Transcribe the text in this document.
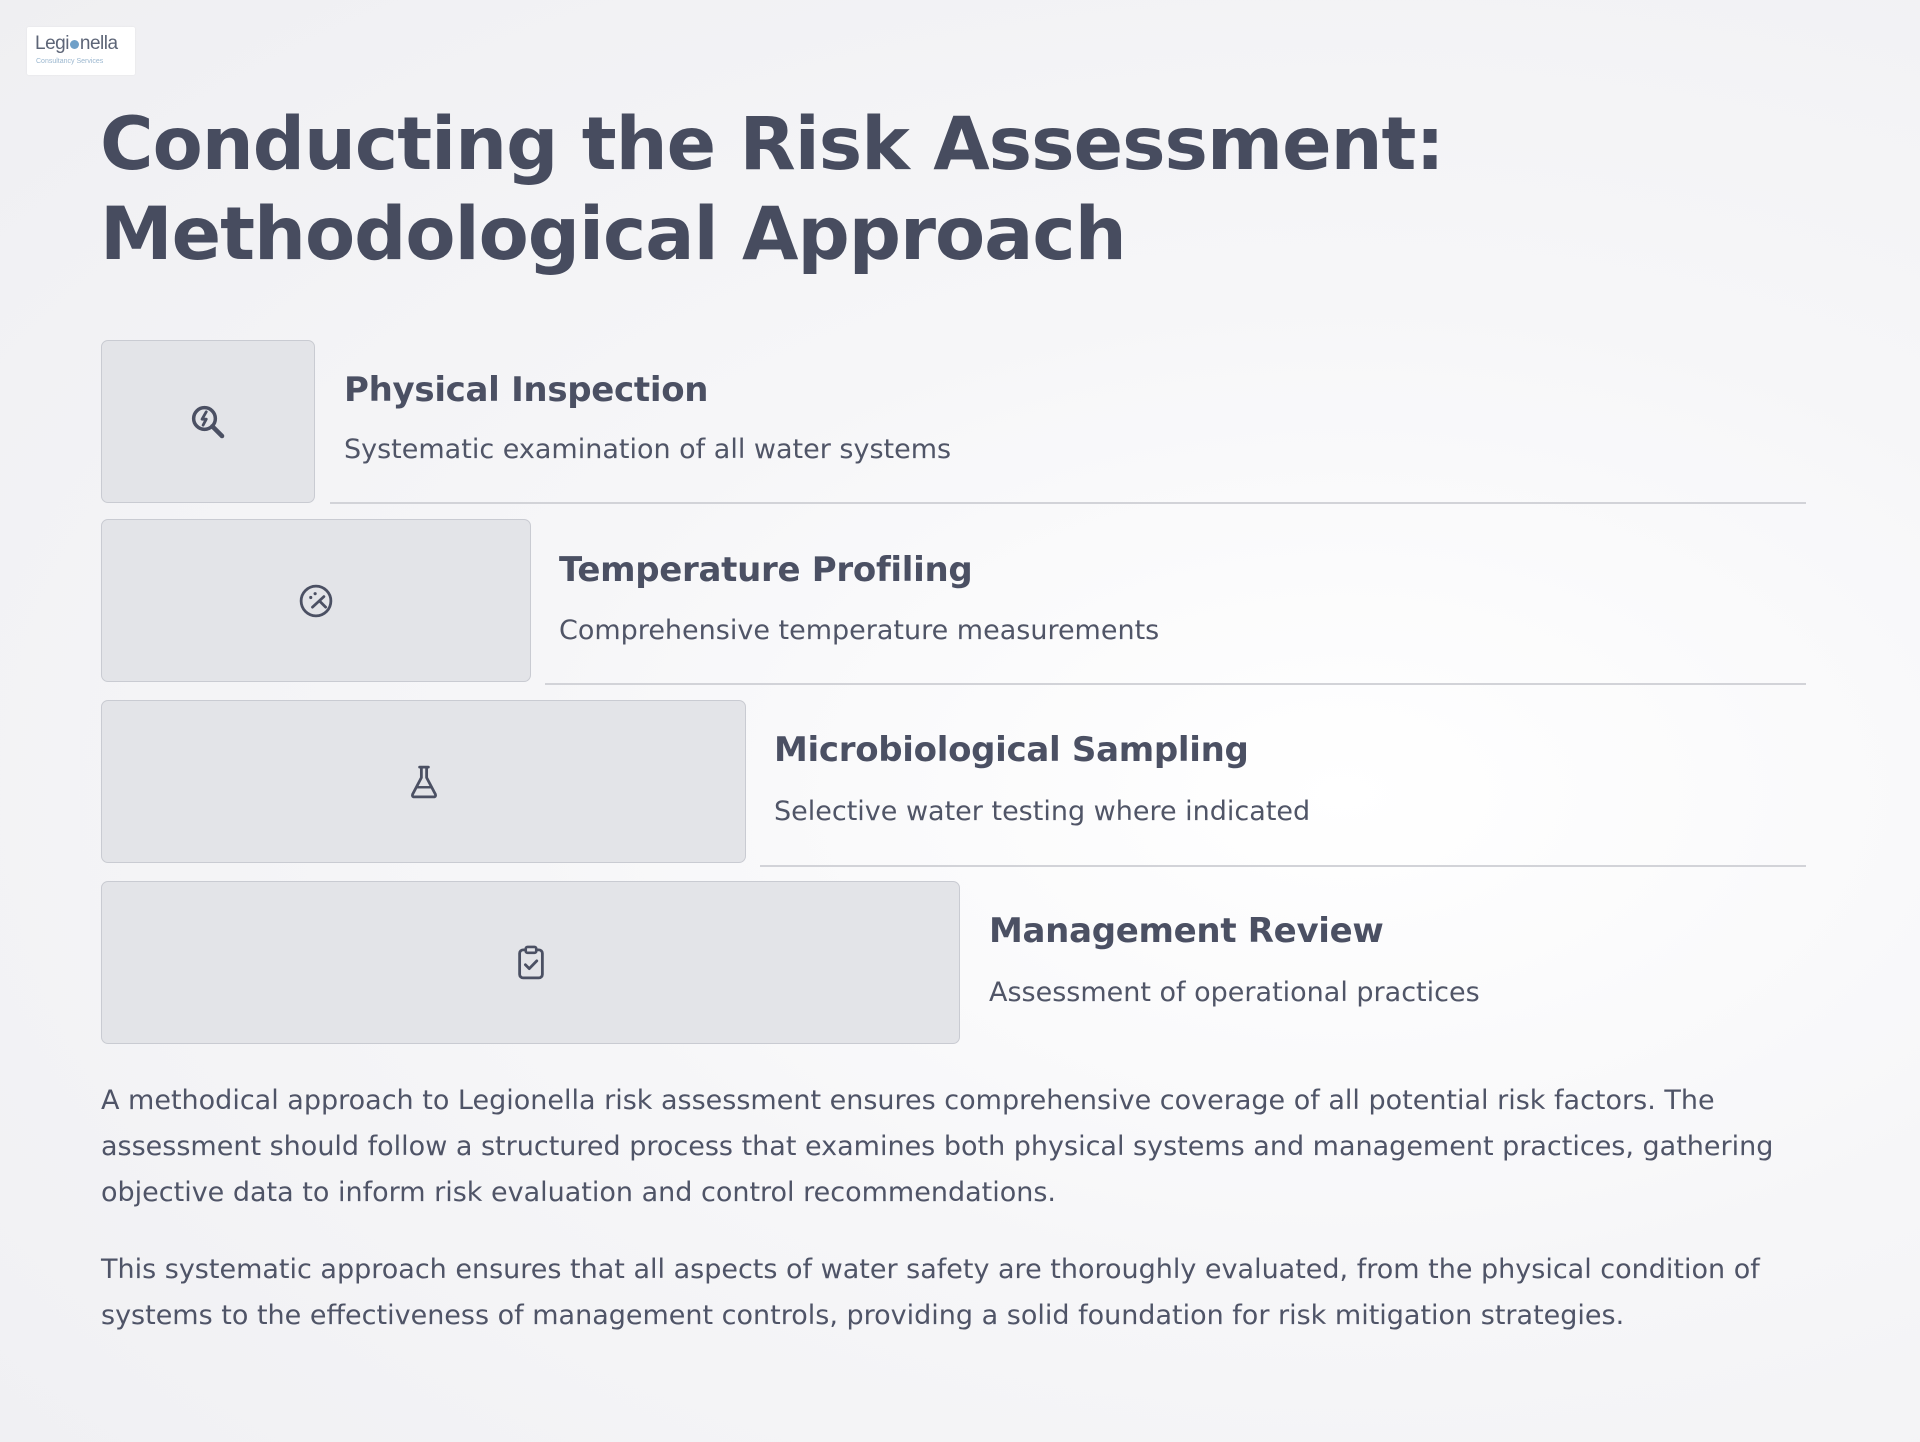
Legi nella
Consultancy Services
Conducting the Risk Assessment: Methodological Approach
Physical Inspection

Systematic examination of all water systems

Temperature Profiling

Comprehensive temperature measurements

Microbiological Sampling

Selective water testing where indicated

Management Review

Assessment of operational practices

A methodical approach to Legionella risk assessment ensures comprehensive coverage of all potential risk factors. The assessment should follow a structured process that examines both physical systems and management practices, gathering objective data to inform risk evaluation and control recommendations.

This systematic approach ensures that all aspects of water safety are thoroughly evaluated, from the physical condition of systems to the effectiveness of management controls, providing a solid foundation for risk mitigation strategies.
